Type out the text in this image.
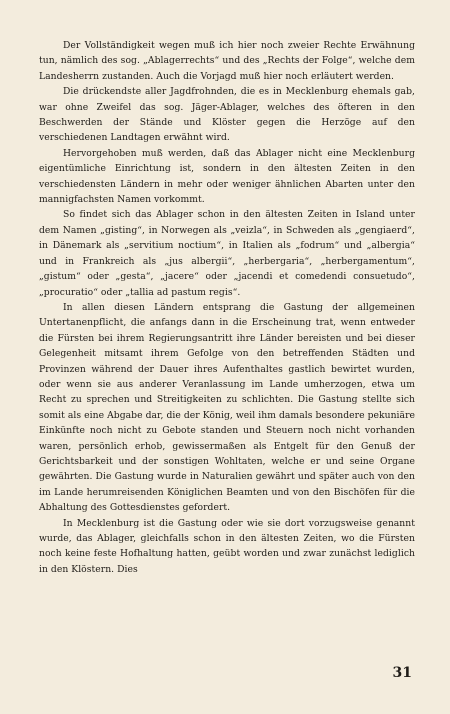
Der Vollständigkeit wegen muß ich hier noch zweier Rechte Erwähnung tun, nämlich des sog. „Ablagerrechts“ und des „Rechts der Folge“, welche dem Landesherrn zustanden. Auch die Vorjagd muß hier noch erläutert werden.

Die drückendste aller Jagdfrohnden, die es in Mecklenburg ehemals gab, war ohne Zweifel das sog. Jäger-Ablager, welches des öfteren in den Beschwerden der Stände und Klöster gegen die Herzöge auf den verschiedenen Landtagen erwähnt wird.

Hervorgehoben muß werden, daß das Ablager nicht eine Mecklenburg eigentümliche Einrichtung ist, sondern in den ältesten Zeiten in den verschiedensten Ländern in mehr oder weniger ähnlichen Abarten unter den mannigfachsten Namen vorkommt.

So findet sich das Ablager schon in den ältesten Zeiten in Island unter dem Namen „gisting“, in Norwegen als „veizla“, in Schweden als „gengiaerd“, in Dänemark als „servitium noctium“, in Italien als „fodrum“ und „albergia“ und in Frankreich als „jus albergii“, „herbergaria“, „herbergamentum“, „gistum“ oder „gesta“, „jacere“ oder „jacendi et comedendi consuetudo“, „procuratio“ oder „tallia ad pastum regis“.

In allen diesen Ländern entsprang die Gastung der allgemeinen Untertanenpflicht, die anfangs dann in die Erscheinung trat, wenn entweder die Fürsten bei ihrem Regierungsantritt ihre Länder bereisten und bei dieser Gelegenheit mitsamt ihrem Gefolge von den betreffenden Städten und Provinzen während der Dauer ihres Aufenthaltes gastlich bewirtet wurden, oder wenn sie aus anderer Veranlassung im Lande umherzogen, etwa um Recht zu sprechen und Streitigkeiten zu schlichten. Die Gastung stellte sich somit als eine Abgabe dar, die der König, weil ihm damals besondere pekuniäre Einkünfte noch nicht zu Gebote standen und Steuern noch nicht vorhanden waren, persönlich erhob, gewissermaßen als Entgelt für den Genuß der Gerichtsbarkeit und der sonstigen Wohltaten, welche er und seine Organe gewährten. Die Gastung wurde in Naturalien gewährt und später auch von den im Lande herumreisenden Königlichen Beamten und von den Bischöfen für die Abhaltung des Gottesdienstes gefordert.

In Mecklenburg ist die Gastung oder wie sie dort vorzugsweise genannt wurde, das Ablager, gleichfalls schon in den ältesten Zeiten, wo die Fürsten noch keine feste Hofhaltung hatten, geübt worden und zwar zunächst lediglich in den Klöstern. Dies

31
